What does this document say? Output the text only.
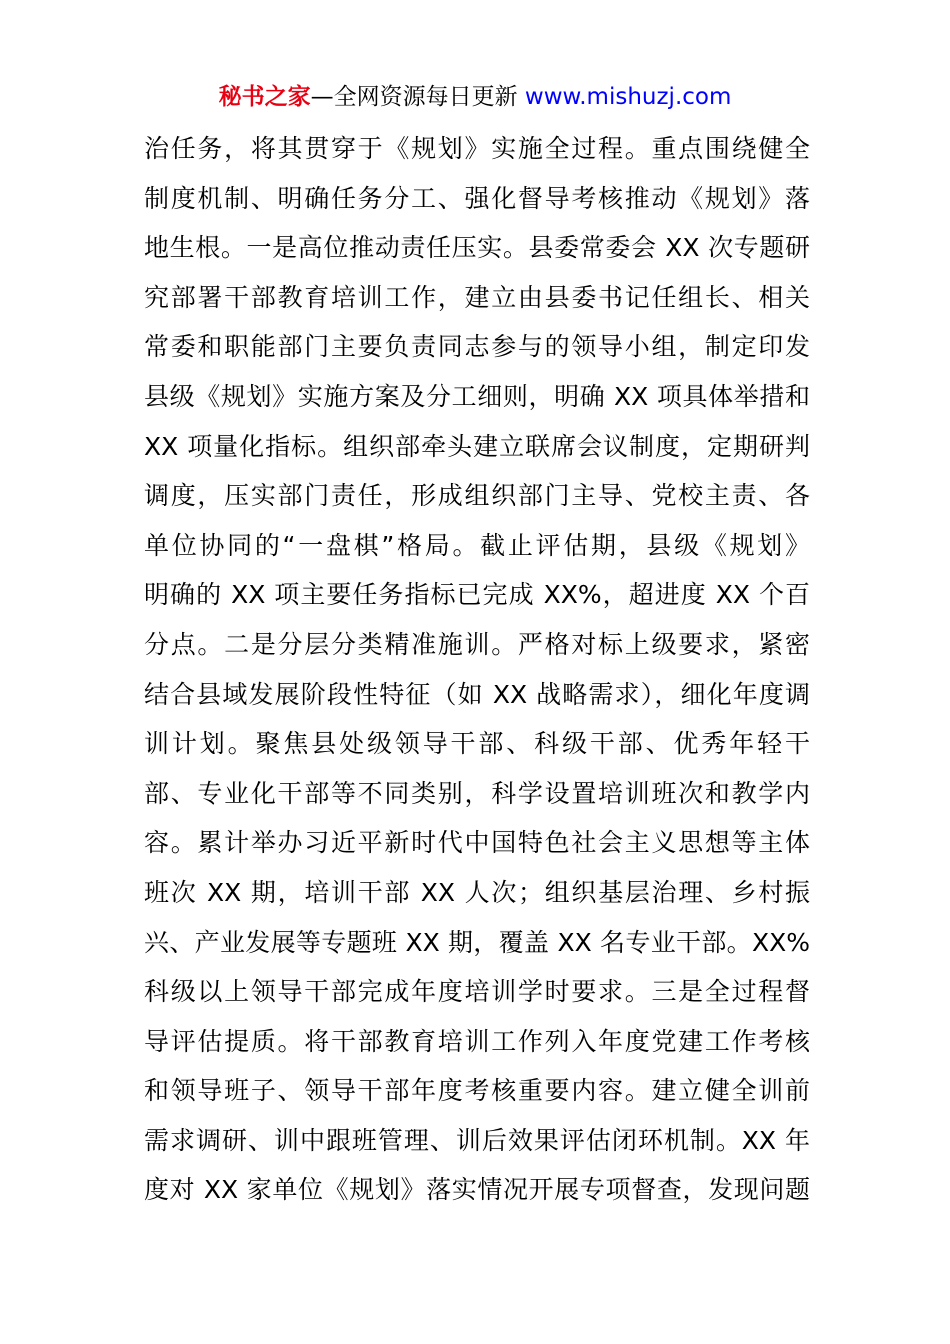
秘书之家—全网资源每日更新 www.mishuzj.com
治任务，将其贯穿于《规划》实施全过程。重点围绕健全
制度机制、明确任务分工、强化督导考核推动《规划》落
地生根。一是高位推动责任压实。县委常委会 XX 次专题研
究部署干部教育培训工作，建立由县委书记任组长、相关
常委和职能部门主要负责同志参与的领导小组，制定印发
县级《规划》实施方案及分工细则，明确 XX 项具体举措和
XX 项量化指标。组织部牵头建立联席会议制度，定期研判
调度，压实部门责任，形成组织部门主导、党校主责、各
单位协同的“一盘棋”格局。截止评估期，县级《规划》
明确的 XX 项主要任务指标已完成 XX%，超进度 XX 个百
分点。二是分层分类精准施训。严格对标上级要求，紧密
结合县域发展阶段性特征（如 XX 战略需求），细化年度调
训计划。聚焦县处级领导干部、科级干部、优秀年轻干
部、专业化干部等不同类别，科学设置培训班次和教学内
容。累计举办习近平新时代中国特色社会主义思想等主体
班次 XX 期，培训干部 XX 人次；组织基层治理、乡村振
兴、产业发展等专题班 XX 期，覆盖 XX 名专业干部。XX%
科级以上领导干部完成年度培训学时要求。三是全过程督
导评估提质。将干部教育培训工作列入年度党建工作考核
和领导班子、领导干部年度考核重要内容。建立健全训前
需求调研、训中跟班管理、训后效果评估闭环机制。XX 年
度对 XX 家单位《规划》落实情况开展专项督查，发现问题
